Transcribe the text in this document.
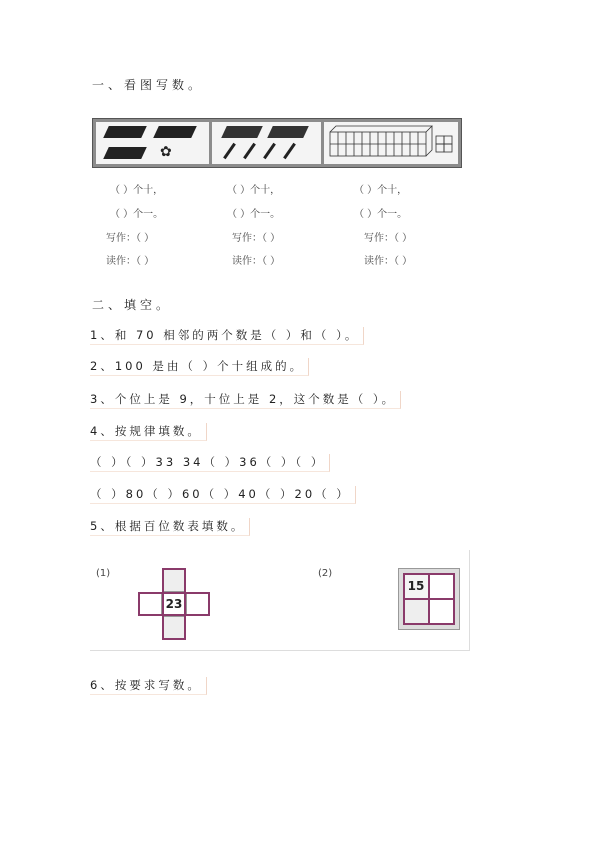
一、看图写数。
✿
（ ）个十，
（ ）个一。
写作：（ ）
读作：（ ）
（ ）个十，
（ ）个一。
写作：（ ）
读作：（ ）
（ ）个十，
（ ）个一。
写作：（ ）
读作：（ ）
二、填空。
1、和 70 相邻的两个数是（ ）和（ ）。
2、100 是由（ ）个十组成的。
3、个位上是 9，十位上是 2，这个数是（ ）。
4、按规律填数。
（ ）（ ）33 34（ ）36（ ）（ ）
（ ）80（ ）60（ ）40（ ）20（ ）
5、根据百位数表填数。
(1)	(2)
23
15
6、按要求写数。
